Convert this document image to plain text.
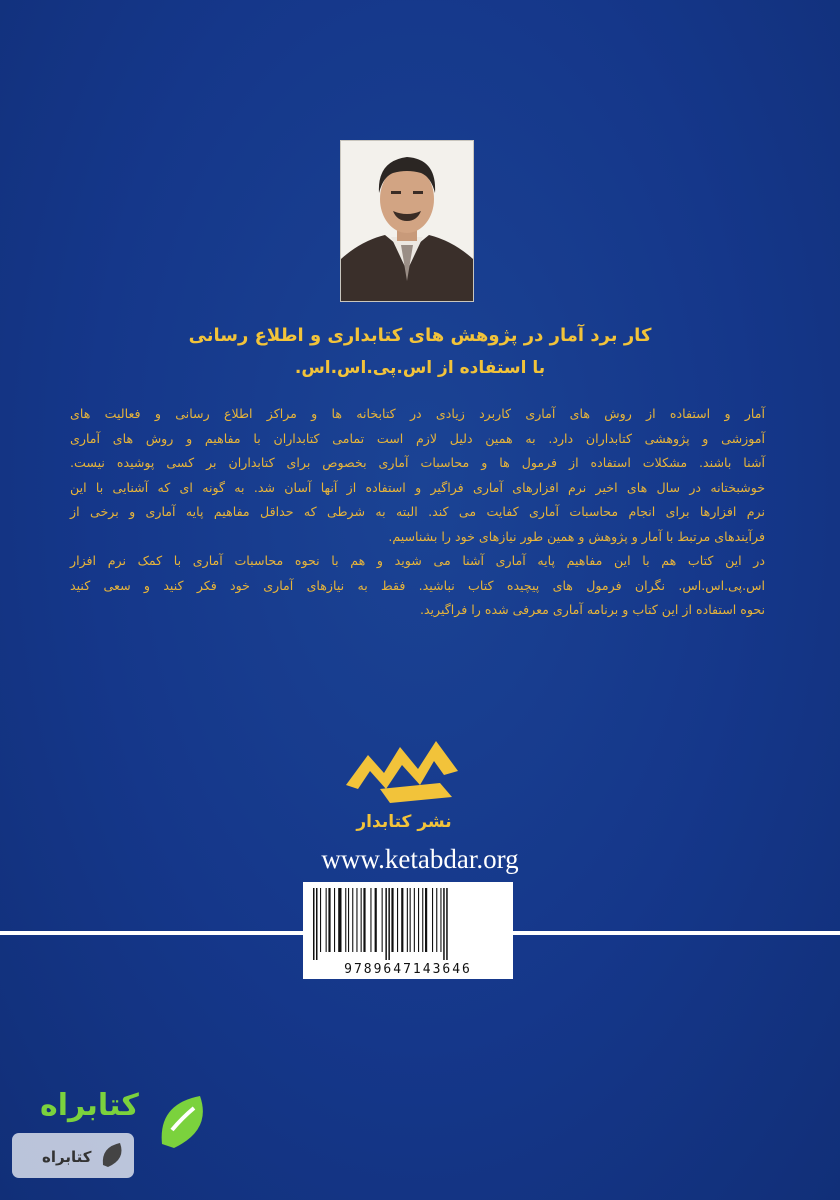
کار برد آمار در پژوهش های کتابداری و اطلاع رسانی
با استفاده از اس.پی.اس.اس.

آمار و استفاده از روش های آماری کاربرد زیادی در کتابخانه ها و مراکز اطلاع رسانی و فعالیت های
آموزشی و پژوهشی کتابداران دارد. به همین دلیل لازم است تمامی کتابداران با مفاهیم و روش های آماری
آشنا باشند. مشکلات استفاده از فرمول ها و محاسبات آماری بخصوص برای کتابداران بر کسی پوشیده نیست.
خوشبختانه در سال های اخیر نرم افزارهای آماری فراگیر و استفاده از آنها آسان شد. به گونه ای که آشنایی با این
نرم افزارها برای انجام محاسبات آماری کفایت می کند. البته به شرطی که حداقل مفاهیم پایه آماری و برخی از
فرآیندهای مرتبط با آمار و پژوهش و همین طور نیازهای خود را بشناسیم.

در این کتاب هم با این مفاهیم پایه آماری آشنا می شوید و هم با نحوه محاسبات آماری با کمک نرم افزار
اس.پی.اس.اس. نگران فرمول های پیچیده کتاب نباشید. فقط به نیازهای آماری خود فکر کنید و سعی کنید
نحوه استفاده از این کتاب و برنامه آماری معرفی شده را فراگیرید.

نشر کتابدار
www.ketabdar.org
9789647143646
کتابراه
کتابراه
